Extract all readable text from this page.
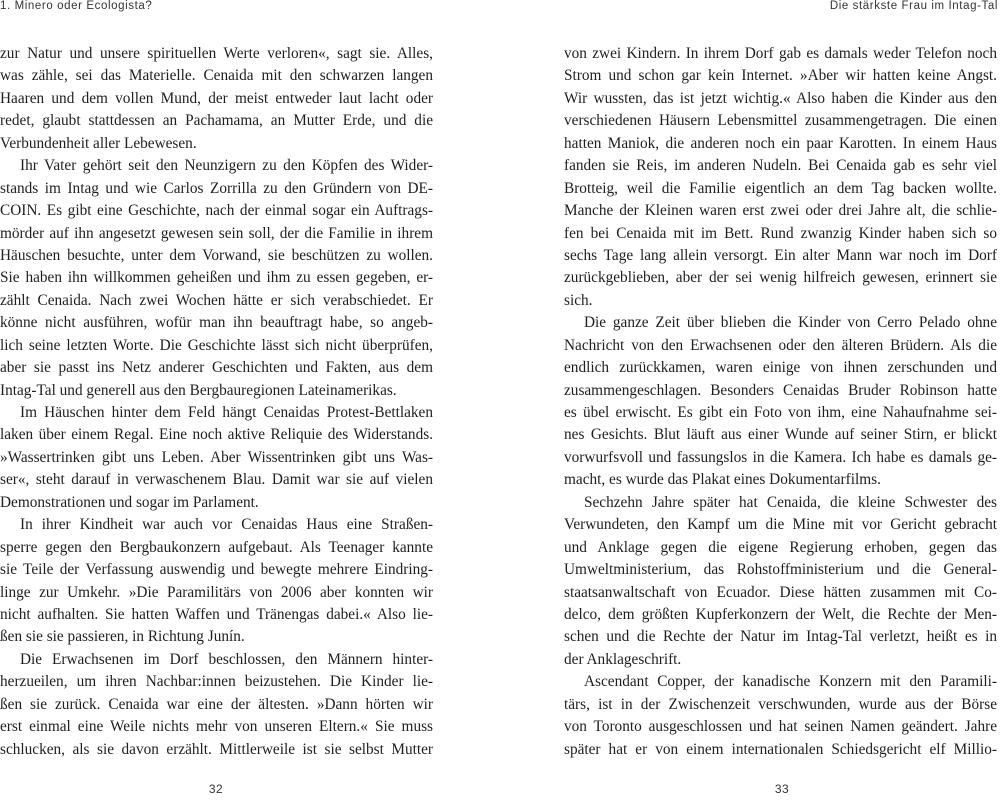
1. Minero oder Ecologista?	Die stärkste Frau im Intag-Tal
zur Natur und unsere spirituellen Werte verloren«, sagt sie. Alles,
was zähle, sei das Materielle. Cenaida mit den schwarzen langen
Haaren und dem vollen Mund, der meist entweder laut lacht oder
redet, glaubt stattdessen an Pachamama, an Mutter Erde, und die
Verbundenheit aller Lebewesen.
Ihr Vater gehört seit den Neunzigern zu den Köpfen des Wider-
stands im Intag und wie Carlos Zorrilla zu den Gründern von DE-
COIN. Es gibt eine Geschichte, nach der einmal sogar ein Auftrags-
mörder auf ihn angesetzt gewesen sein soll, der die Familie in ihrem
Häuschen besuchte, unter dem Vorwand, sie beschützen zu wollen.
Sie haben ihn willkommen geheißen und ihm zu essen gegeben, er-
zählt Cenaida. Nach zwei Wochen hätte er sich verabschiedet. Er
könne nicht ausführen, wofür man ihn beauftragt habe, so angeb-
lich seine letzten Worte. Die Geschichte lässt sich nicht überprüfen,
aber sie passt ins Netz anderer Geschichten und Fakten, aus dem
Intag-Tal und generell aus den Bergbauregionen Lateinamerikas.
Im Häuschen hinter dem Feld hängt Cenaidas Protest-Bettlaken
laken über einem Regal. Eine noch aktive Reliquie des Widerstands.
»Wassertrinken gibt uns Leben. Aber Wissentrinken gibt uns Was-
ser«, steht darauf in verwaschenem Blau. Damit war sie auf vielen
Demonstrationen und sogar im Parlament.
In ihrer Kindheit war auch vor Cenaidas Haus eine Straßen-
sperre gegen den Bergbaukonzern aufgebaut. Als Teenager kannte
sie Teile der Verfassung auswendig und bewegte mehrere Eindring-
linge zur Umkehr. »Die Paramilitärs von 2006 aber konnten wir
nicht aufhalten. Sie hatten Waffen und Tränengas dabei.« Also lie-
ßen sie sie passieren, in Richtung Junín.
Die Erwachsenen im Dorf beschlossen, den Männern hinter-
herzueilen, um ihren Nachbar:innen beizustehen. Die Kinder lie-
ßen sie zurück. Cenaida war eine der ältesten. »Dann hörten wir
erst einmal eine Weile nichts mehr von unseren Eltern.« Sie muss
schlucken, als sie davon erzählt. Mittlerweile ist sie selbst Mutter
von zwei Kindern. In ihrem Dorf gab es damals weder Telefon noch
Strom und schon gar kein Internet. »Aber wir hatten keine Angst.
Wir wussten, das ist jetzt wichtig.« Also haben die Kinder aus den
verschiedenen Häusern Lebensmittel zusammengetragen. Die einen
hatten Maniok, die anderen noch ein paar Karotten. In einem Haus
fanden sie Reis, im anderen Nudeln. Bei Cenaida gab es sehr viel
Brotteig, weil die Familie eigentlich an dem Tag backen wollte.
Manche der Kleinen waren erst zwei oder drei Jahre alt, die schlie-
fen bei Cenaida mit im Bett. Rund zwanzig Kinder haben sich so
sechs Tage lang allein versorgt. Ein alter Mann war noch im Dorf
zurückgeblieben, aber der sei wenig hilfreich gewesen, erinnert sie
sich.
Die ganze Zeit über blieben die Kinder von Cerro Pelado ohne
Nachricht von den Erwachsenen oder den älteren Brüdern. Als die
endlich zurückkamen, waren einige von ihnen zerschunden und
zusammengeschlagen. Besonders Cenaidas Bruder Robinson hatte
es übel erwischt. Es gibt ein Foto von ihm, eine Nahaufnahme sei-
nes Gesichts. Blut läuft aus einer Wunde auf seiner Stirn, er blickt
vorwurfsvoll und fassungslos in die Kamera. Ich habe es damals ge-
macht, es wurde das Plakat eines Dokumentarfilms.
Sechzehn Jahre später hat Cenaida, die kleine Schwester des
Verwundeten, den Kampf um die Mine mit vor Gericht gebracht
und Anklage gegen die eigene Regierung erhoben, gegen das
Umweltministerium, das Rohstoffministerium und die General-
staatsanwaltschaft von Ecuador. Diese hätten zusammen mit Co-
delco, dem größten Kupferkonzern der Welt, die Rechte der Men-
schen und die Rechte der Natur im Intag-Tal verletzt, heißt es in
der Anklageschrift.
Ascendant Copper, der kanadische Konzern mit den Paramili-
tärs, ist in der Zwischenzeit verschwunden, wurde aus der Börse
von Toronto ausgeschlossen und hat seinen Namen geändert. Jahre
später hat er von einem internationalen Schiedsgericht elf Millio-
32	33
